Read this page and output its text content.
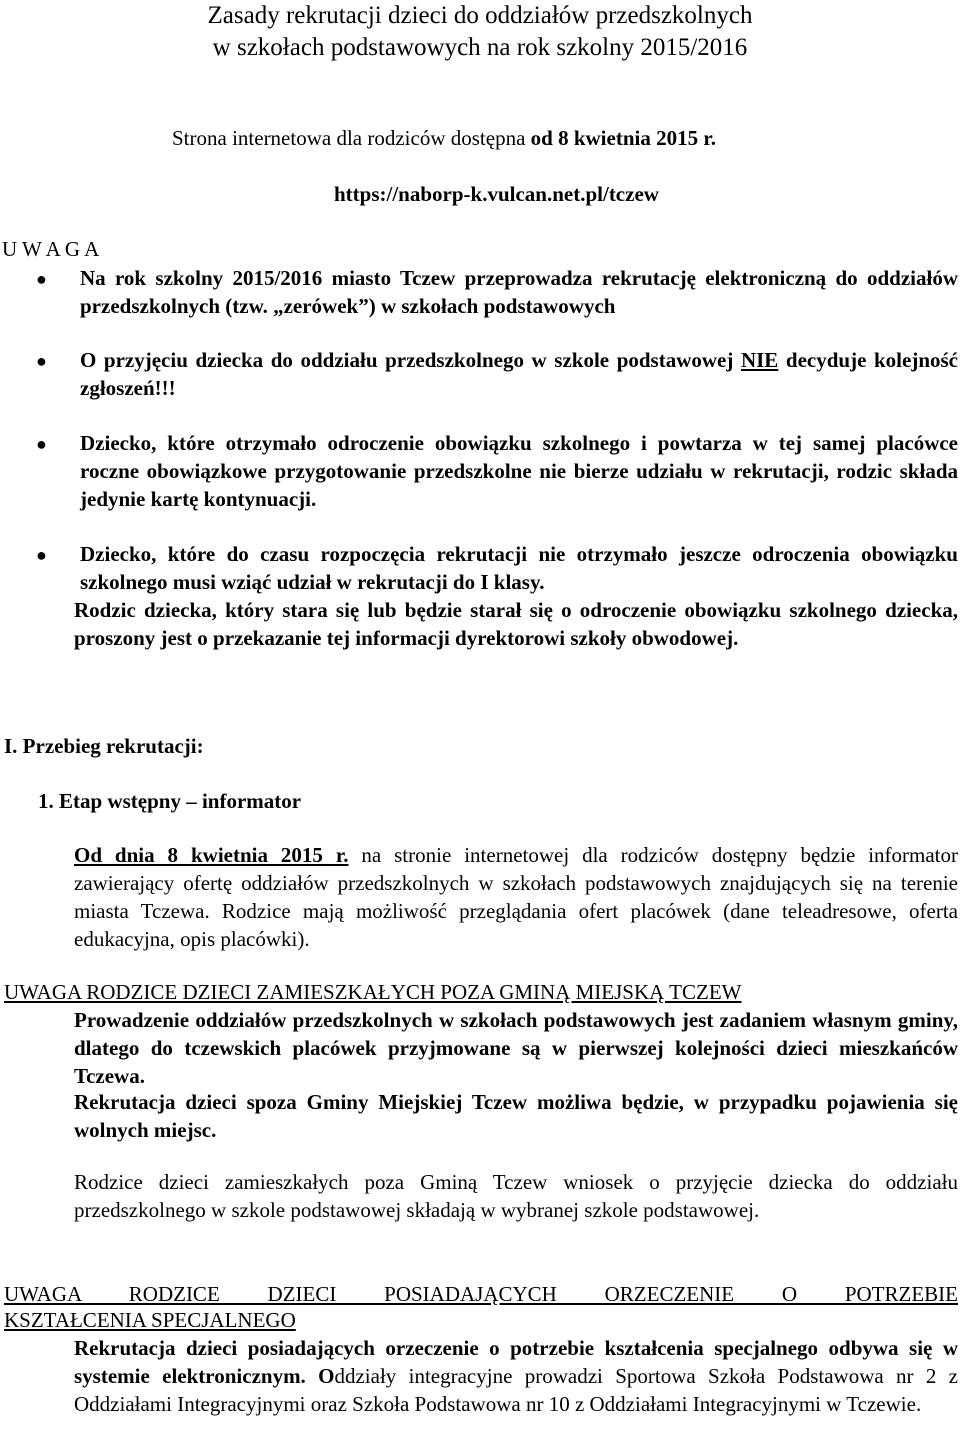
Zasady rekrutacji dzieci do oddziałów przedszkolnych
w szkołach podstawowych na rok szkolny 2015/2016
Strona internetowa dla rodziców dostępna od 8 kwietnia 2015 r.
https://naborp-k.vulcan.net.pl/tczew
U W A G A
● Na rok szkolny 2015/2016 miasto Tczew przeprowadza rekrutację elektroniczną do oddziałów przedszkolnych (tzw. „zerówek”) w szkołach podstawowych
● O przyjęciu dziecka do oddziału przedszkolnego w szkole podstawowej NIE decyduje kolejność zgłoszeń!!!
● Dziecko, które otrzymało odroczenie obowiązku szkolnego i powtarza w tej samej placówce roczne obowiązkowe przygotowanie przedszkolne nie bierze udziału w rekrutacji, rodzic składa jedynie kartę kontynuacji.
● Dziecko, które do czasu rozpoczęcia rekrutacji nie otrzymało jeszcze odroczenia obowiązku szkolnego musi wziąć udział w rekrutacji do I klasy.
Rodzic dziecka, który stara się lub będzie starał się o odroczenie obowiązku szkolnego dziecka, proszony jest o przekazanie tej informacji dyrektorowi szkoły obwodowej.
I. Przebieg rekrutacji:
1. Etap wstępny – informator
Od dnia 8 kwietnia 2015 r. na stronie internetowej dla rodziców dostępny będzie informator zawierający ofertę oddziałów przedszkolnych w szkołach podstawowych znajdujących się na terenie miasta Tczewa. Rodzice mają możliwość przeglądania ofert placówek (dane teleadresowe, oferta edukacyjna, opis placówki).
UWAGA RODZICE DZIECI ZAMIESZKAŁYCH POZA GMINĄ MIEJSKĄ TCZEW
Prowadzenie oddziałów przedszkolnych w szkołach podstawowych jest zadaniem własnym gminy, dlatego do tczewskich placówek przyjmowane są w pierwszej kolejności dzieci mieszkańców Tczewa.
Rekrutacja dzieci spoza Gminy Miejskiej Tczew możliwa będzie, w przypadku pojawienia się wolnych miejsc.
Rodzice dzieci zamieszkałych poza Gminą Tczew wniosek o przyjęcie dziecka do oddziału przedszkolnego w szkole podstawowej składają w wybranej szkole podstawowej.
UWAGA RODZICE DZIECI POSIADAJĄCYCH ORZECZENIE O POTRZEBIE
KSZTAŁCENIA SPECJALNEGO
Rekrutacja dzieci posiadających orzeczenie o potrzebie kształcenia specjalnego odbywa się w systemie elektronicznym. Oddziały integracyjne prowadzi Sportowa Szkoła Podstawowa nr 2 z Oddziałami Integracyjnymi oraz Szkoła Podstawowa nr 10 z Oddziałami Integracyjnymi w Tczewie.
